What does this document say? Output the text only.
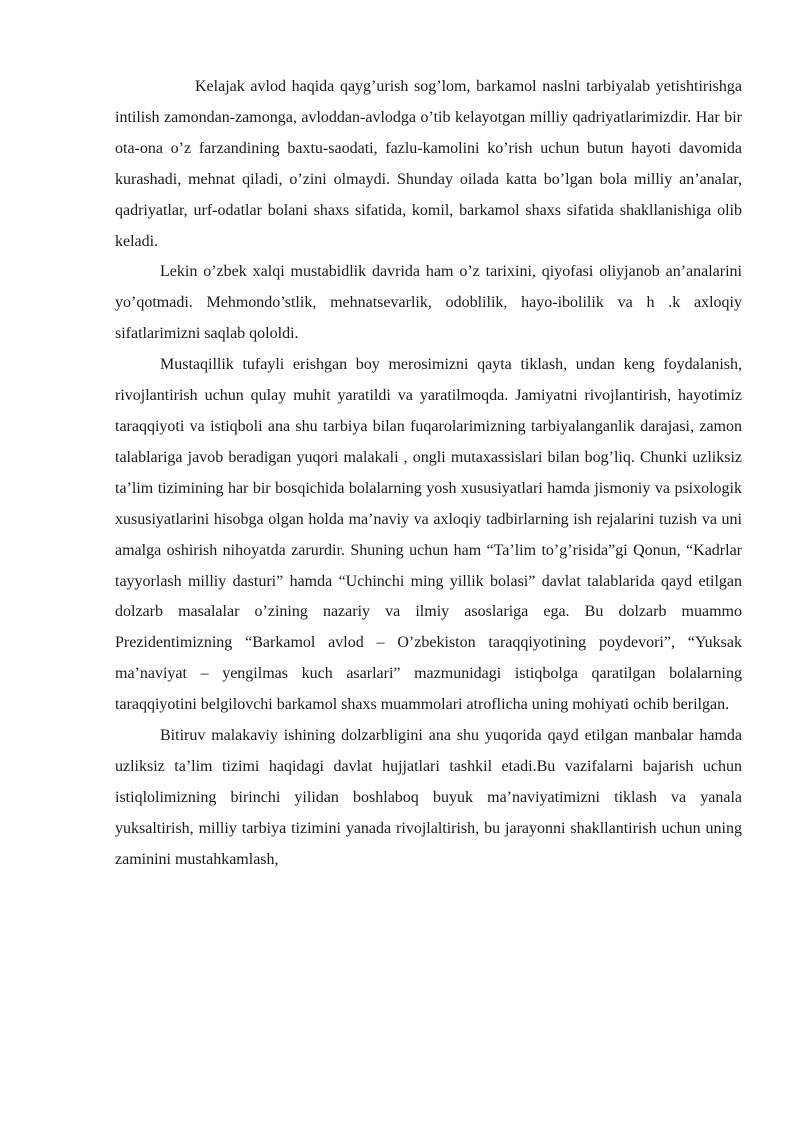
Kelajak avlod haqida qayg’urish sog’lom, barkamol naslni tarbiyalab yetishtirishga intilish zamondan-zamonga, avloddan-avlodga o’tib kelayotgan milliy qadriyatlarimizdir. Har bir ota-ona o’z farzandining baxtu-saodati, fazlu-kamolini ko’rish uchun butun hayoti davomida kurashadi, mehnat qiladi, o’zini olmaydi. Shunday oilada katta bo’lgan bola milliy an’analar, qadriyatlar, urf-odatlar bolani shaxs sifatida, komil, barkamol shaxs sifatida shakllanishiga olib keladi.

Lekin o’zbek xalqi mustabidlik davrida ham o’z tarixini, qiyofasi oliyjanob an’analarini yo’qotmadi. Mehmondo’stlik, mehnatsevarlik, odoblilik, hayo-ibolilik va h .k axloqiy sifatlarimizni saqlab qololdi.

Mustaqillik tufayli erishgan boy merosimizni qayta tiklash, undan keng foydalanish, rivojlantirish uchun qulay muhit yaratildi va yaratilmoqda. Jamiyatni rivojlantirish, hayotimiz taraqqiyoti va istiqboli ana shu tarbiya bilan fuqarolarimizning tarbiyalanganlik darajasi, zamon talablariga javob beradigan yuqori malakali , ongli mutaxassislari bilan bog’liq. Chunki uzliksiz ta’lim tizimining har bir bosqichida bolalarning yosh xususiyatlari hamda jismoniy va psixologik xususiyatlarini hisobga olgan holda ma’naviy va axloqiy tadbirlarning ish rejalarini tuzish va uni amalga oshirish nihoyatda zarurdir. Shuning uchun ham “Ta’lim to’g’risida”gi Qonun, “Kadrlar tayyorlash milliy dasturi” hamda “Uchinchi ming yillik bolasi” davlat talablarida qayd etilgan dolzarb masalalar o’zining nazariy va ilmiy asoslariga ega. Bu dolzarb muammo Prezidentimizning “Barkamol avlod – O’zbekiston taraqqiyotining poydevori”, “Yuksak ma’naviyat – yengilmas kuch asarlari” mazmunidagi istiqbolga qaratilgan bolalarning taraqqiyotini belgilovchi barkamol shaxs muammolari atroflicha uning mohiyati ochib berilgan.

Bitiruv malakaviy ishining dolzarbligini ana shu yuqorida qayd etilgan manbalar hamda uzliksiz ta’lim tizimi haqidagi davlat hujjatlari tashkil etadi.Bu vazifalarni bajarish uchun istiqlolimizning birinchi yilidan boshlaboq buyuk ma’naviyatimizni tiklash va yanala yuksaltirish, milliy tarbiya tizimini yanada rivojlaltirish, bu jarayonni shakllantirish uchun uning zaminini mustahkamlash,
